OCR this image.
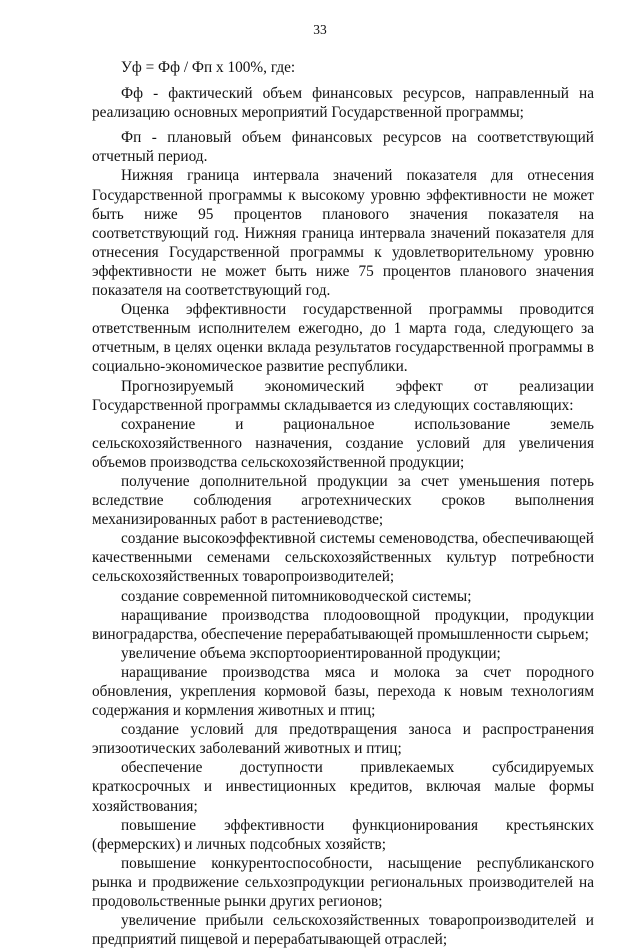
33

Уф = Фф / Фп х 100%, где:

Фф - фактический объем финансовых ресурсов, направленный на реализацию основных мероприятий Государственной программы;

Фп - плановый объем финансовых ресурсов на соответствующий отчетный период.

Нижняя граница интервала значений показателя для отнесения Государственной программы к высокому уровню эффективности не может быть ниже 95 процентов планового значения показателя на соответствующий год. Нижняя граница интервала значений показателя для отнесения Государственной программы к удовлетворительному уровню эффективности не может быть ниже 75 процентов планового значения показателя на соответствующий год.

Оценка эффективности государственной программы проводится ответственным исполнителем ежегодно, до 1 марта года, следующего за отчетным, в целях оценки вклада результатов государственной программы в социально-экономическое развитие республики.

Прогнозируемый экономический эффект от реализации Государственной программы складывается из следующих составляющих:

сохранение и рациональное использование земель сельскохозяйственного назначения, создание условий для увеличения объемов производства сельскохозяйственной продукции;

получение дополнительной продукции за счет уменьшения потерь вследствие соблюдения агротехнических сроков выполнения механизированных работ в растениеводстве;

создание высокоэффективной системы семеноводства, обеспечивающей качественными семенами сельскохозяйственных культур потребности сельскохозяйственных товаропроизводителей;

создание современной питомниководческой системы;

наращивание производства плодоовощной продукции, продукции виноградарства, обеспечение перерабатывающей промышленности сырьем;

увеличение объема экспортоориентированной продукции;

наращивание производства мяса и молока за счет породного обновления, укрепления кормовой базы, перехода к новым технологиям содержания и кормления животных и птиц;

создание условий для предотвращения заноса и распространения эпизоотических заболеваний животных и птиц;

обеспечение доступности привлекаемых субсидируемых краткосрочных и инвестиционных кредитов, включая малые формы хозяйствования;

повышение эффективности функционирования крестьянских (фермерских) и личных подсобных хозяйств;

повышение конкурентоспособности, насыщение республиканского рынка и продвижение сельхозпродукции региональных производителей на продовольственные рынки других регионов;

увеличение прибыли сельскохозяйственных товаропроизводителей и предприятий пищевой и перерабатывающей отраслей;
